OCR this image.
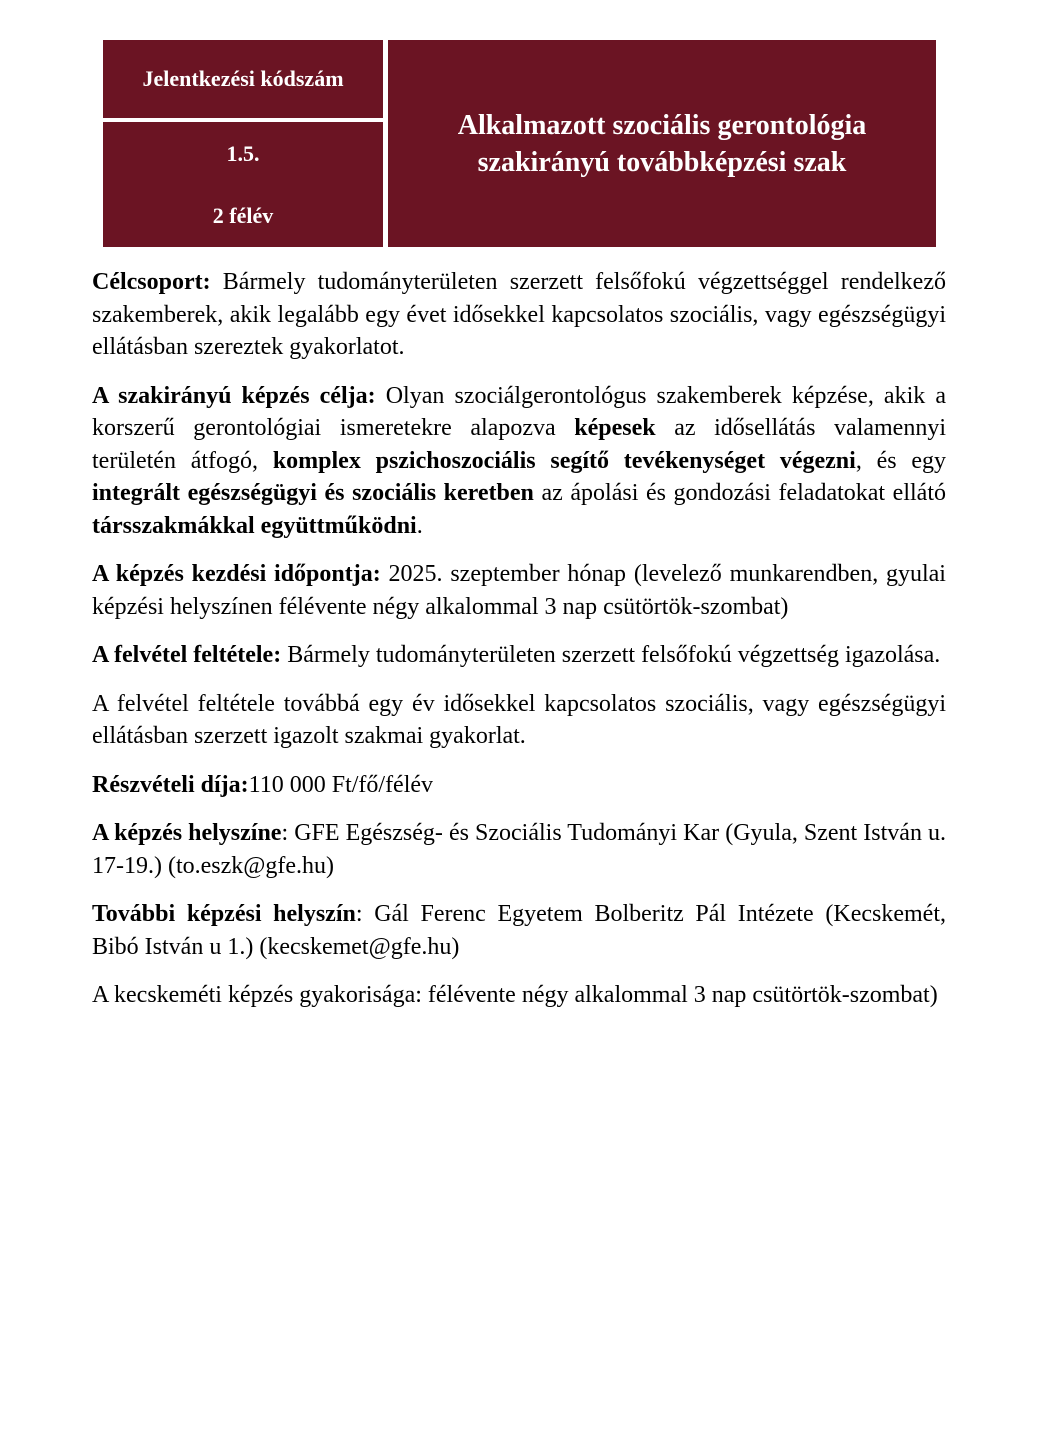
Jelentkezési kódszám
1.5.
2 félév
Alkalmazott szociális gerontológia
szakirányú továbbképzési szak

Célcsoport: Bármely tudományterületen szerzett felsőfokú végzettséggel rendelkező szakemberek, akik legalább egy évet idősekkel kapcsolatos szociális, vagy egészségügyi ellátásban szereztek gyakorlatot.

A szakirányú képzés célja: Olyan szociálgerontológus szakemberek képzése, akik a korszerű gerontológiai ismeretekre alapozva képesek az idősellátás valamennyi területén átfogó, komplex pszichoszociális segítő tevékenységet végezni, és egy integrált egészségügyi és szociális keretben az ápolási és gondozási feladatokat ellátó társszakmákkal együttműködni.

A képzés kezdési időpontja: 2025. szeptember hónap (levelező munkarendben, gyulai képzési helyszínen félévente négy alkalommal 3 nap csütörtök-szombat)

A felvétel feltétele: Bármely tudományterületen szerzett felsőfokú végzettség igazolása.

A felvétel feltétele továbbá egy év idősekkel kapcsolatos szociális, vagy egészségügyi ellátásban szerzett igazolt szakmai gyakorlat.

Részvételi díja:110 000 Ft/fő/félév

A képzés helyszíne: GFE Egészség- és Szociális Tudományi Kar (Gyula, Szent István u. 17-19.) (to.eszk@gfe.hu)

További képzési helyszín: Gál Ferenc Egyetem Bolberitz Pál Intézete (Kecskemét, Bibó István u 1.) (kecskemet@gfe.hu)

A kecskeméti képzés gyakorisága: félévente négy alkalommal 3 nap csütörtök-szombat)
